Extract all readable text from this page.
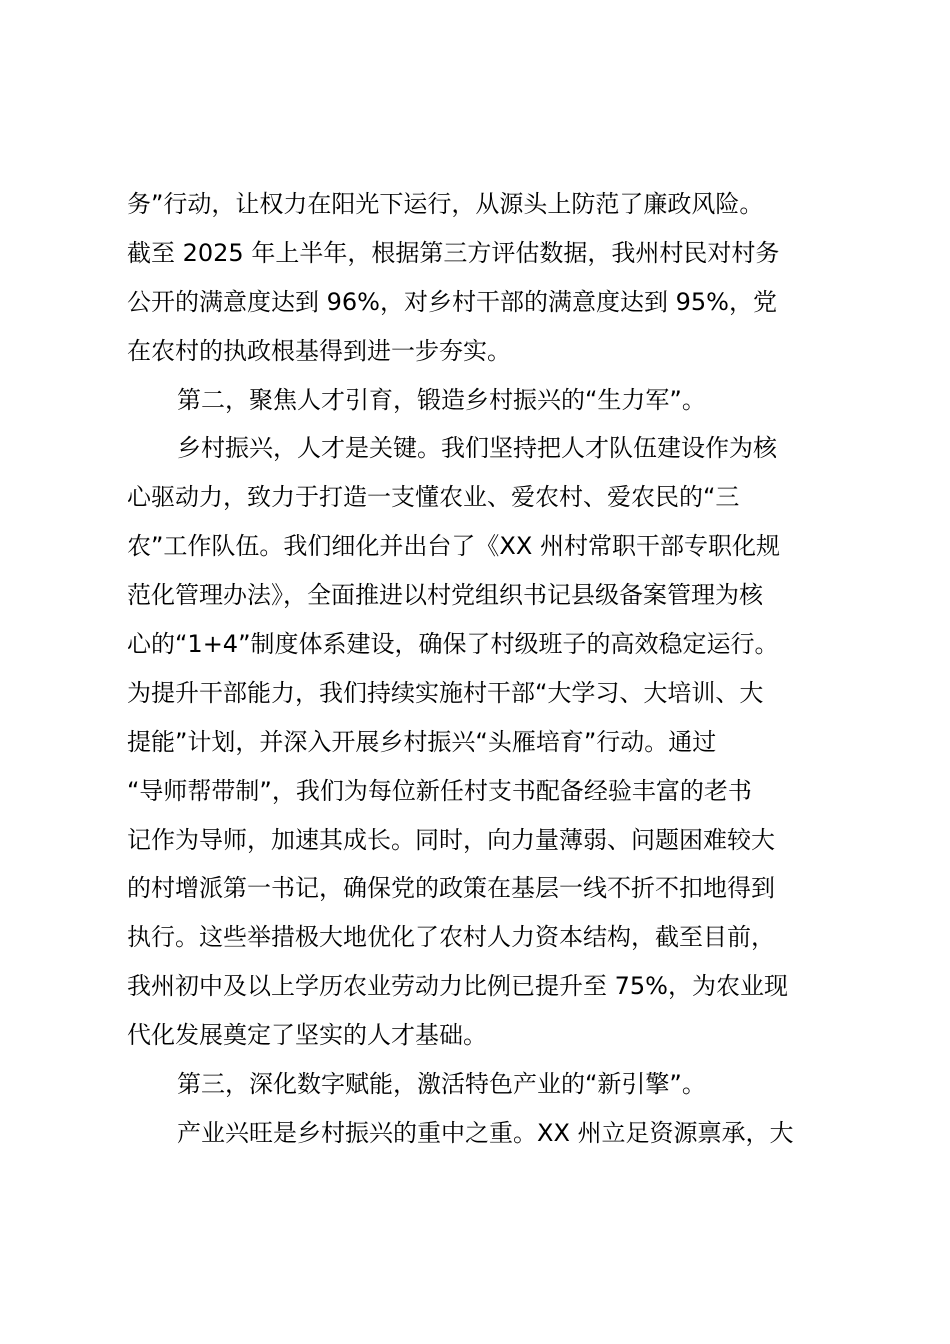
务”行动，让权力在阳光下运行，从源头上防范了廉政风险。
截至 2025 年上半年，根据第三方评估数据，我州村民对村务
公开的满意度达到 96%，对乡村干部的满意度达到 95%，党
在农村的执政根基得到进一步夯实。
第二，聚焦人才引育，锻造乡村振兴的“生力军”。
乡村振兴，人才是关键。我们坚持把人才队伍建设作为核
心驱动力，致力于打造一支懂农业、爱农村、爱农民的“三
农”工作队伍。我们细化并出台了《XX 州村常职干部专职化规
范化管理办法》，全面推进以村党组织书记县级备案管理为核
心的“1+4”制度体系建设，确保了村级班子的高效稳定运行。
为提升干部能力，我们持续实施村干部“大学习、大培训、大
提能”计划，并深入开展乡村振兴“头雁培育”行动。通过
“导师帮带制”，我们为每位新任村支书配备经验丰富的老书
记作为导师，加速其成长。同时，向力量薄弱、问题困难较大
的村增派第一书记，确保党的政策在基层一线不折不扣地得到
执行。这些举措极大地优化了农村人力资本结构，截至目前，
我州初中及以上学历农业劳动力比例已提升至 75%，为农业现
代化发展奠定了坚实的人才基础。
第三，深化数字赋能，激活特色产业的“新引擎”。
产业兴旺是乡村振兴的重中之重。XX 州立足资源禀承，大
